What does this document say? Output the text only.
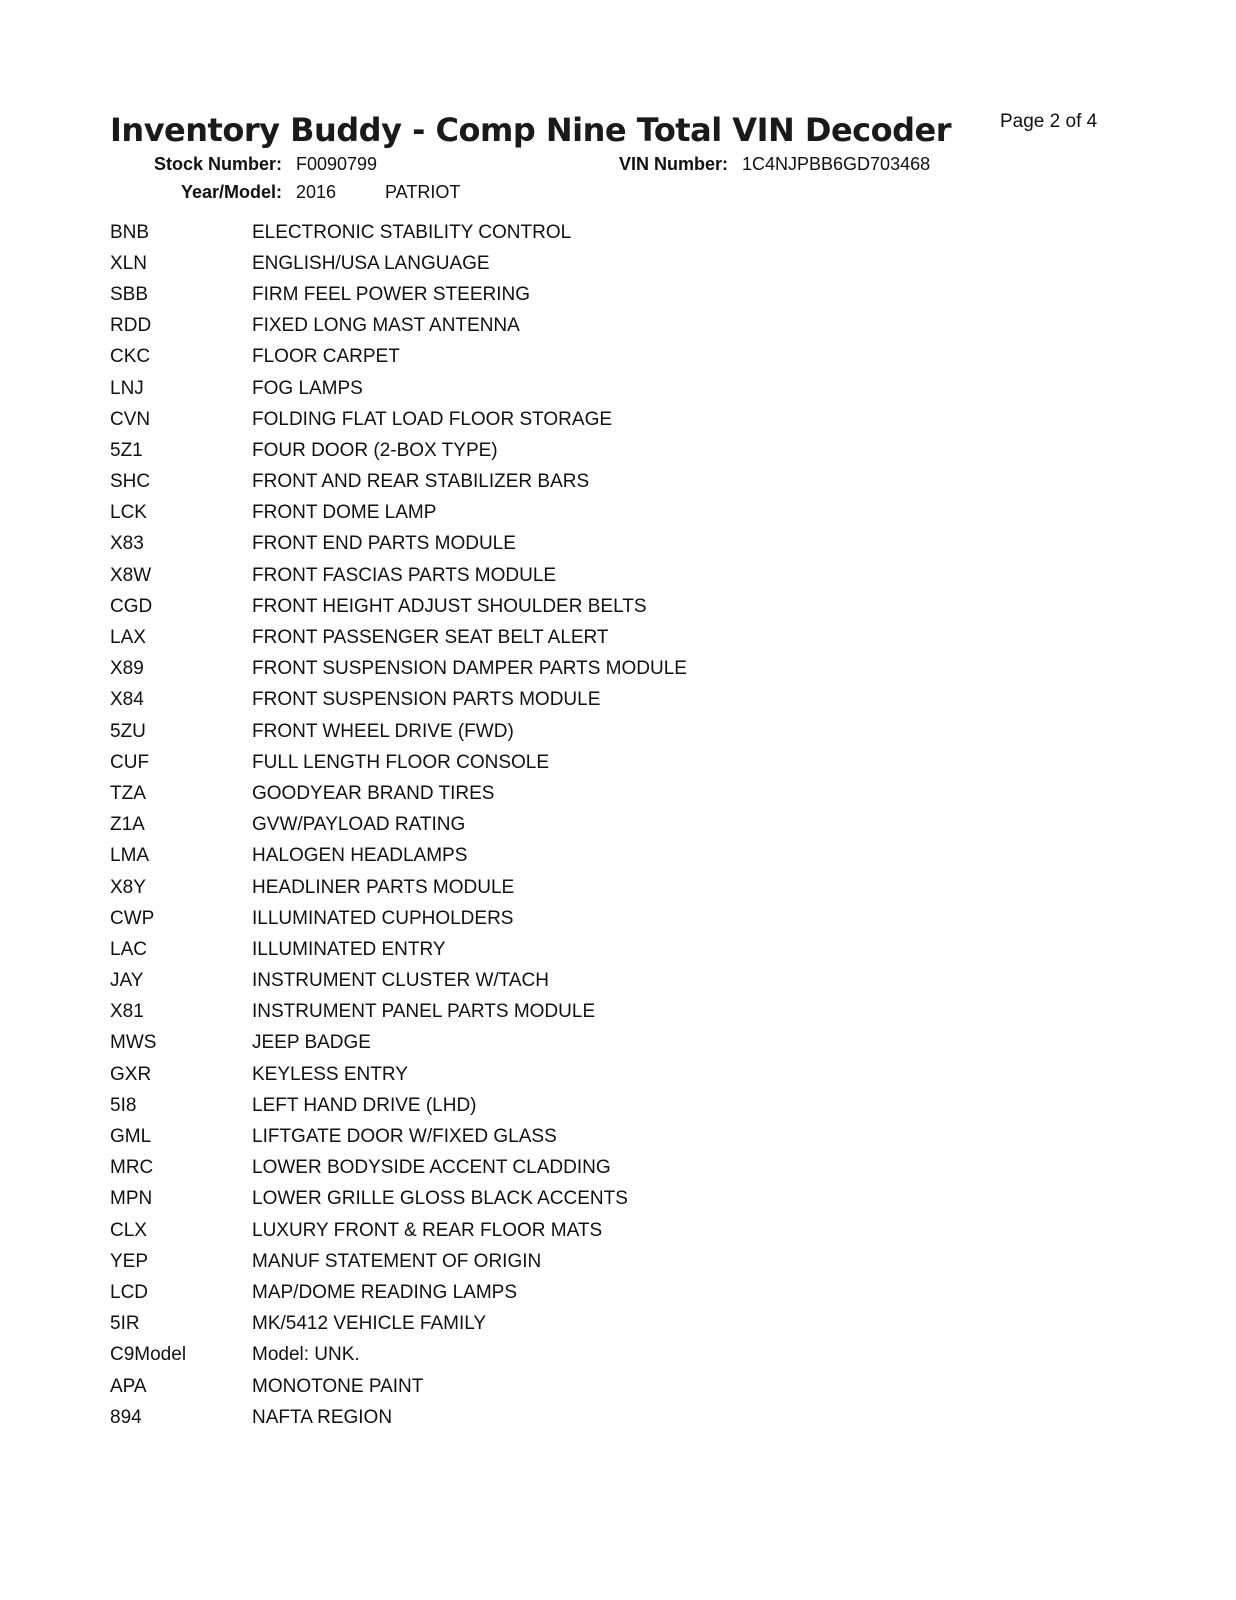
Inventory Buddy - Comp Nine Total VIN Decoder	Page 2 of 4
Stock Number: F0090799	VIN Number: 1C4NJPBB6GD703468
Year/Model: 2016	PATRIOT
BNB	ELECTRONIC STABILITY CONTROL
XLN	ENGLISH/USA LANGUAGE
SBB	FIRM FEEL POWER STEERING
RDD	FIXED LONG MAST ANTENNA
CKC	FLOOR CARPET
LNJ	FOG LAMPS
CVN	FOLDING FLAT LOAD FLOOR STORAGE
5Z1	FOUR DOOR (2-BOX TYPE)
SHC	FRONT AND REAR STABILIZER BARS
LCK	FRONT DOME LAMP
X83	FRONT END PARTS MODULE
X8W	FRONT FASCIAS PARTS MODULE
CGD	FRONT HEIGHT ADJUST SHOULDER BELTS
LAX	FRONT PASSENGER SEAT BELT ALERT
X89	FRONT SUSPENSION DAMPER PARTS MODULE
X84	FRONT SUSPENSION PARTS MODULE
5ZU	FRONT WHEEL DRIVE (FWD)
CUF	FULL LENGTH FLOOR CONSOLE
TZA	GOODYEAR BRAND TIRES
Z1A	GVW/PAYLOAD RATING
LMA	HALOGEN HEADLAMPS
X8Y	HEADLINER PARTS MODULE
CWP	ILLUMINATED CUPHOLDERS
LAC	ILLUMINATED ENTRY
JAY	INSTRUMENT CLUSTER W/TACH
X81	INSTRUMENT PANEL PARTS MODULE
MWS	JEEP BADGE
GXR	KEYLESS ENTRY
5I8	LEFT HAND DRIVE (LHD)
GML	LIFTGATE DOOR W/FIXED GLASS
MRC	LOWER BODYSIDE ACCENT CLADDING
MPN	LOWER GRILLE GLOSS BLACK ACCENTS
CLX	LUXURY FRONT & REAR FLOOR MATS
YEP	MANUF STATEMENT OF ORIGIN
LCD	MAP/DOME READING LAMPS
5IR	MK/5412 VEHICLE FAMILY
C9Model	Model: UNK.
APA	MONOTONE PAINT
894	NAFTA REGION
